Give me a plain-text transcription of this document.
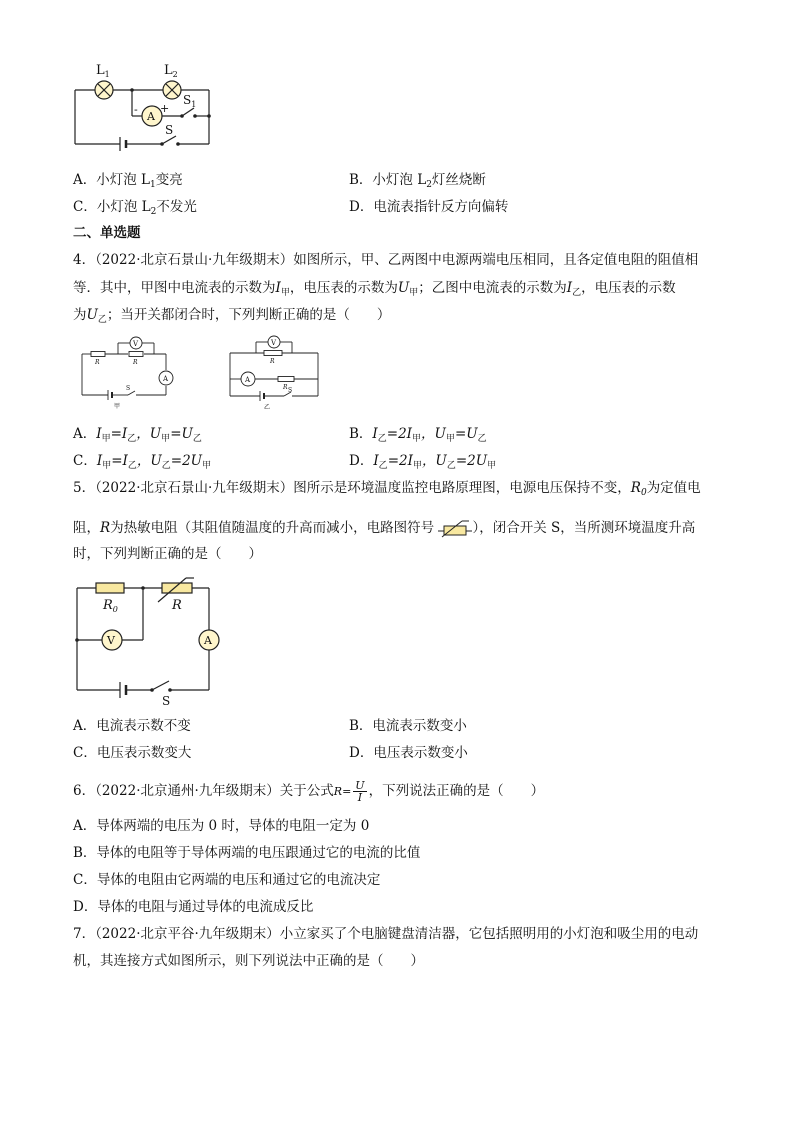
$L_1$	$L_2$
A
- +
$S_1$
S
A．小灯泡 $L_1$变亮	B．小灯泡 $L_2$灯丝烧断
C．小灯泡 $L_2$不发光	D．电流表指针反方向偏转
二、单选题
4．（2022·北京石景山·九年级期末）如图所示，甲、乙两图中电源两端电压相同，且各定值电阻的阻值相
等．其中，甲图中电流表的示数为$I_甲$，电压表的示数为$U_甲$；乙图中电流表的示数为$I_乙$，电压表的示数
为$U_乙$；当开关都闭合时，下列判断正确的是（　　）
V
A
R	R
S
甲
V
A
R
R S
乙
A．$I_甲=I_乙$，$U_甲=U_乙$	B．$I_乙=2I_甲$，$U_甲=U_乙$
C．$I_甲=I_乙$，$U_乙=2U_甲$	D．$I_乙=2I_甲$，$U_乙=2U_甲$
5．（2022·北京石景山·九年级期末）图所示是环境温度监控电路原理图，电源电压保持不变，$R_0$为定值电
阻，R为热敏电阻（其阻值随温度的升高而减小，电路图符号	），闭合开关 S，当所测环境温度升高
时，下列判断正确的是（　　）
$R_0$	R
V	A
S
A．电流表示数不变	B．电流表示数变小
C．电压表示数变大	D．电压表示数变小
6．（2022·北京通州·九年级期末）关于公式$R= \frac{U}{I}$ ，下列说法正确的是（　　）
A．导体两端的电压为 0 时，导体的电阻一定为 0
B．导体的电阻等于导体两端的电压跟通过它的电流的比值
C．导体的电阻由它两端的电压和通过它的电流决定
D．导体的电阻与通过导体的电流成反比
7．（2022·北京平谷·九年级期末）小立家买了个电脑键盘清洁器，它包括照明用的小灯泡和吸尘用的电动
机，其连接方式如图所示，则下列说法中正确的是（　　）
